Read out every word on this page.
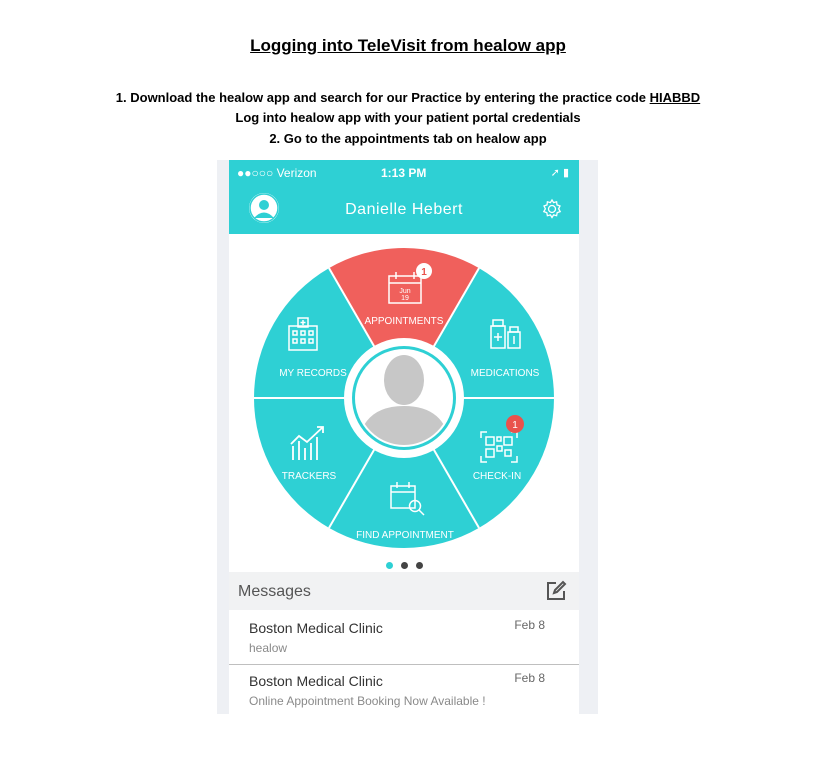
Logging into TeleVisit from healow app
1. Download the healow app and search for our Practice by entering the practice code HIABBD
Log into healow app with your patient portal credentials
2. Go to the appointments tab on healow app
●●○○○ Verizon	1:13 PM	➚ ▮
Danielle Hebert
Jun
19
1
APPOINTMENTS
MY RECORDS	MEDICATIONS
TRACKERS
1
CHECK-IN
FIND APPOINTMENT
Messages
Boston Medical Clinic	Feb 8
healow
Boston Medical Clinic	Feb 8
Online Appointment Booking Now Available !
